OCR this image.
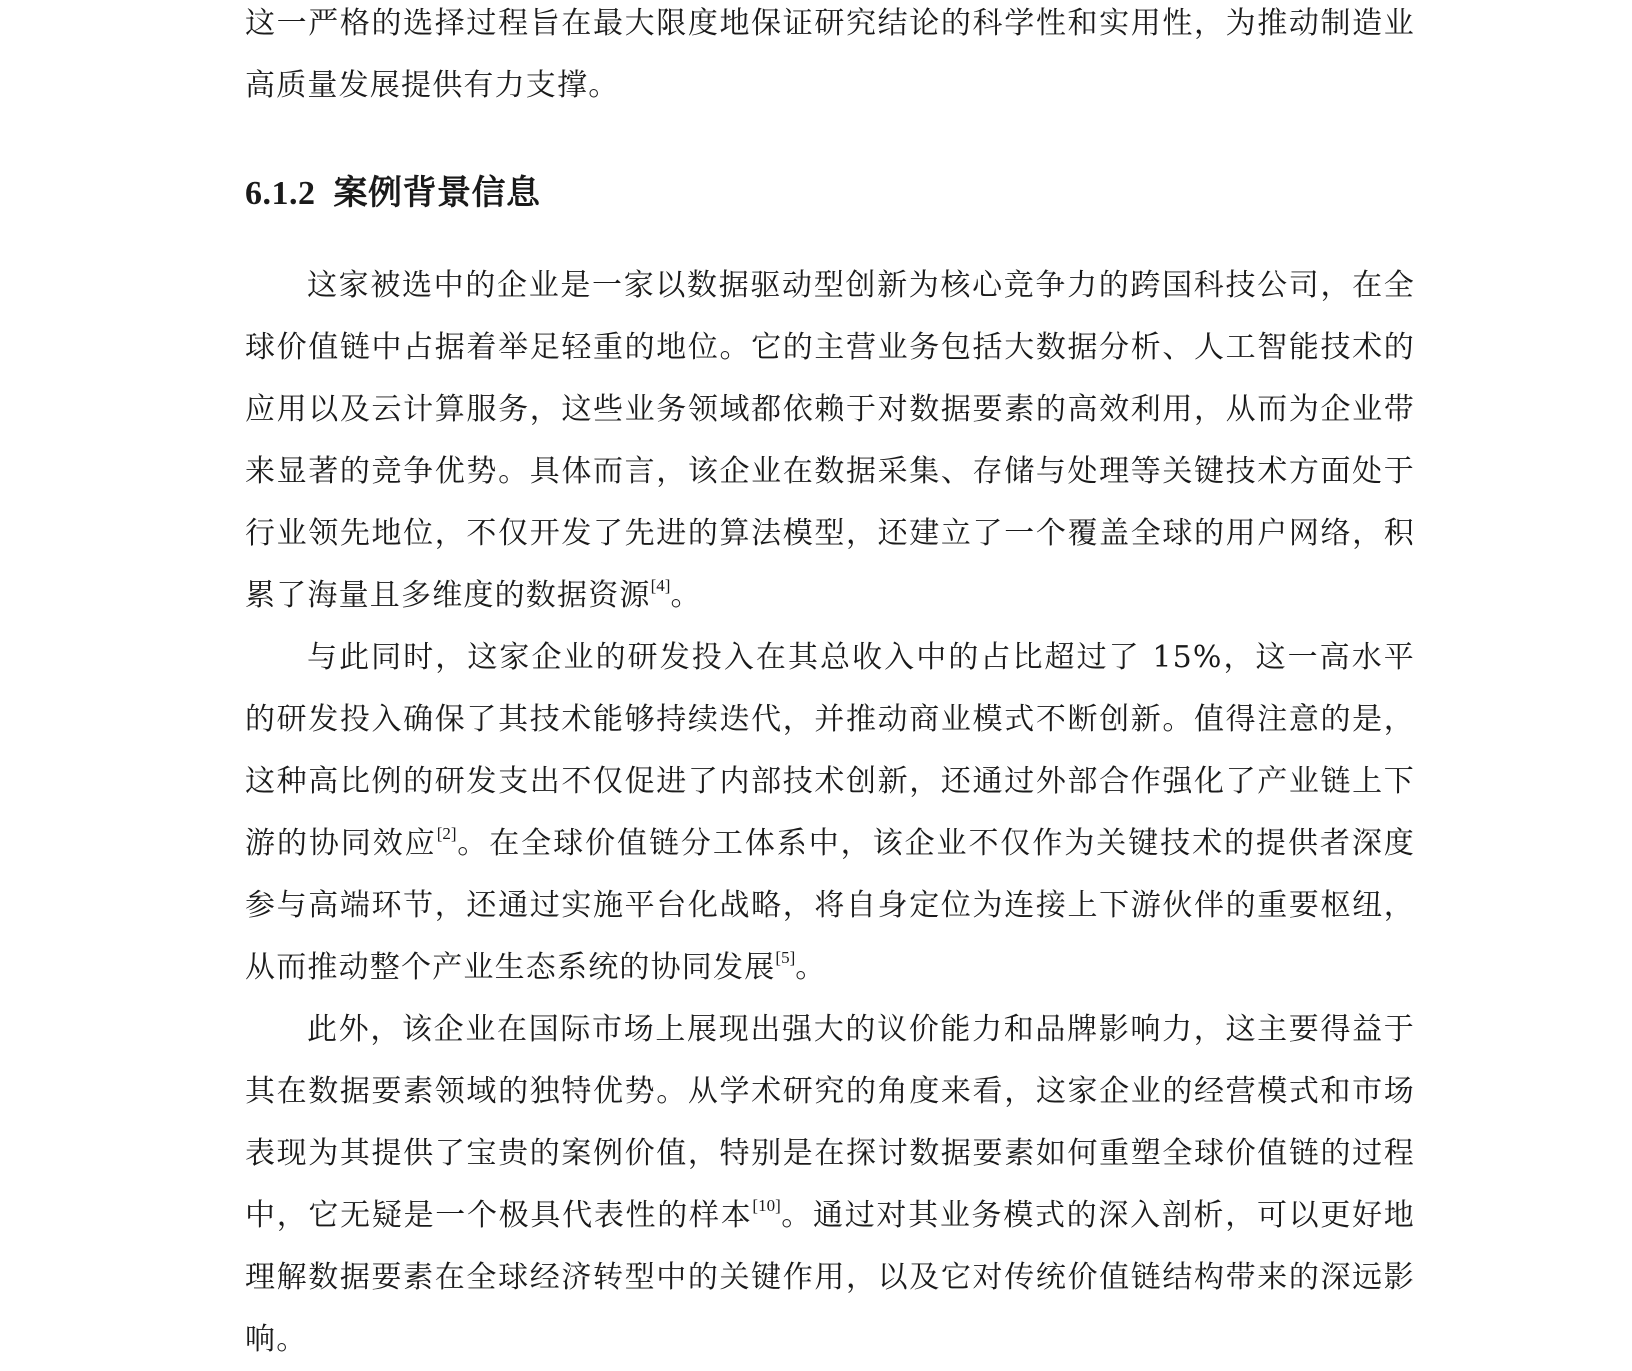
这一严格的选择过程旨在最大限度地保证研究结论的科学性和实用性，为推动制造业高质量发展提供有力支撑。

6.1.2 案例背景信息

这家被选中的企业是一家以数据驱动型创新为核心竞争力的跨国科技公司，在全球价值链中占据着举足轻重的地位。它的主营业务包括大数据分析、人工智能技术的应用以及云计算服务，这些业务领域都依赖于对数据要素的高效利用，从而为企业带来显著的竞争优势。具体而言，该企业在数据采集、存储与处理等关键技术方面处于行业领先地位，不仅开发了先进的算法模型，还建立了一个覆盖全球的用户网络，积累了海量且多维度的数据资源[4]。

与此同时，这家企业的研发投入在其总收入中的占比超过了 15%，这一高水平的研发投入确保了其技术能够持续迭代，并推动商业模式不断创新。值得注意的是，这种高比例的研发支出不仅促进了内部技术创新，还通过外部合作强化了产业链上下游的协同效应[2]。在全球价值链分工体系中，该企业不仅作为关键技术的提供者深度参与高端环节，还通过实施平台化战略，将自身定位为连接上下游伙伴的重要枢纽，从而推动整个产业生态系统的协同发展[5]。

此外，该企业在国际市场上展现出强大的议价能力和品牌影响力，这主要得益于其在数据要素领域的独特优势。从学术研究的角度来看，这家企业的经营模式和市场表现为其提供了宝贵的案例价值，特别是在探讨数据要素如何重塑全球价值链的过程中，它无疑是一个极具代表性的样本[10]。通过对其业务模式的深入剖析，可以更好地理解数据要素在全球经济转型中的关键作用，以及它对传统价值链结构带来的深远影响。
